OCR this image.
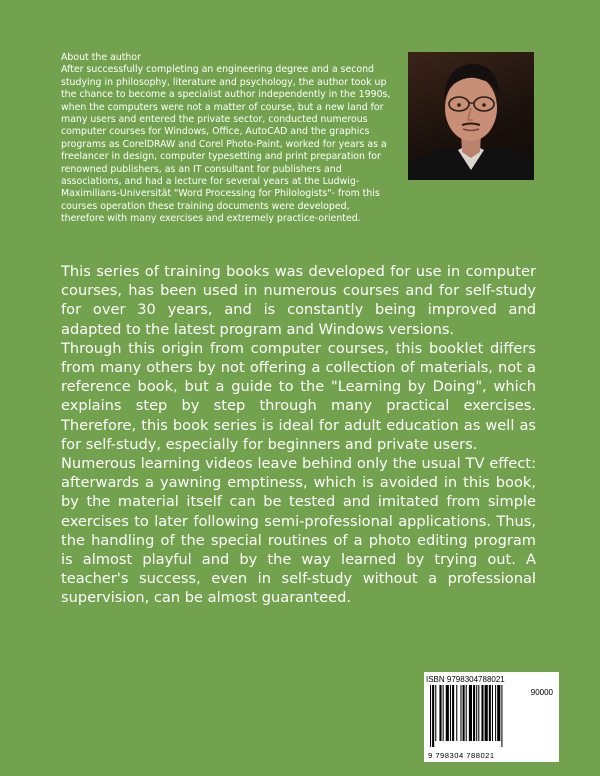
About the author
After successfully completing an engineering degree and a second studying in philosophy, literature and psychology, the author took up the chance to become a specialist author independently in the 1990s, when the computers were not a matter of course, but a new land for many users and entered the private sector, conducted numerous computer courses for Windows, Office, AutoCAD and the graphics programs as CorelDRAW and Corel Photo-Paint, worked for years as a freelancer in design, computer typesetting and print preparation for renowned publishers, as an IT consultant for publishers and associations, and had a lecture for several years at the Ludwig-Maximilians-Universität "Word Processing for Philologists"- from this courses operation these training documents were developed, therefore with many exercises and extremely practice-oriented.

This series of training books was developed for use in computer courses, has been used in numerous courses and for self-study for over 30 years, and is constantly being improved and adapted to the latest program and Windows versions.

Through this origin from computer courses, this booklet differs from many others by not offering a collection of materials, not a reference book, but a guide to the "Learning by Doing", which explains step by step through many practical exercises. Therefore, this book series is ideal for adult education as well as for self-study, especially for beginners and private users.

Numerous learning videos leave behind only the usual TV effect: afterwards a yawning emptiness, which is avoided in this book, by the material itself can be tested and imitated from simple exercises to later following semi-professional applications. Thus, the handling of the special routines of a photo editing program is almost playful and by the way learned by trying out. A teacher's success, even in self-study without a professional supervision, can be almost guaranteed.

ISBN 9798304788021
90000
9 798304 788021
